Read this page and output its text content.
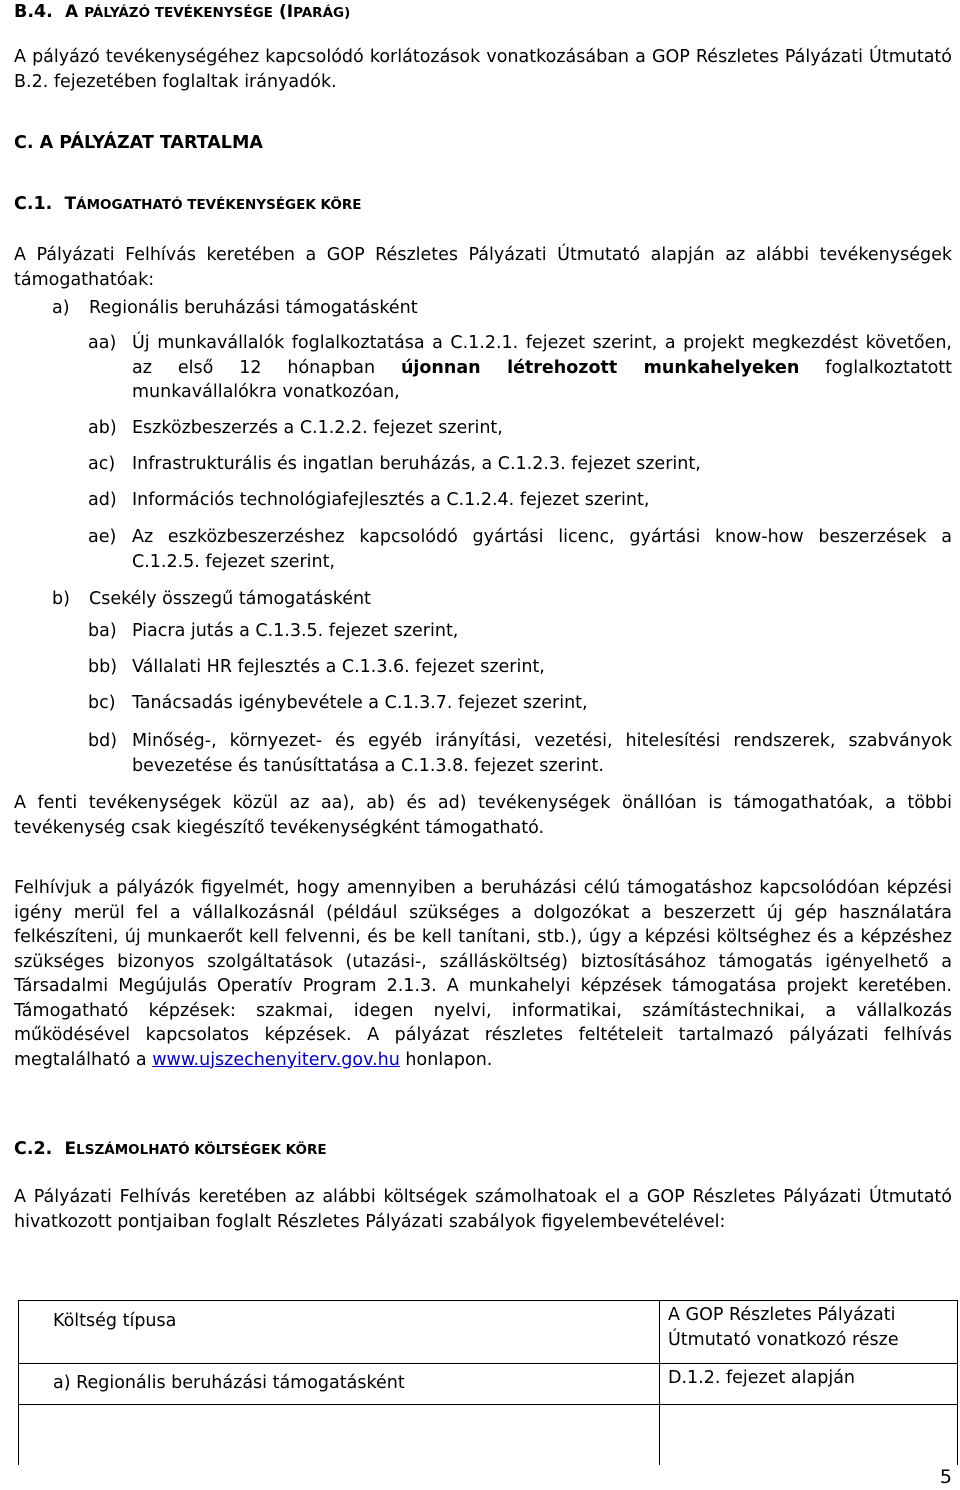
B.4. A PÁLYÁZÓ TEVÉKENYSÉGE (IPARÁG)
A pályázó tevékenységéhez kapcsolódó korlátozások vonatkozásában a GOP Részletes Pályázati Útmutató B.2. fejezetében foglaltak irányadók.
C. A PÁLYÁZAT TARTALMA
C.1. TÁMOGATHATÓ TEVÉKENYSÉGEK KÖRE
A Pályázati Felhívás keretében a GOP Részletes Pályázati Útmutató alapján az alábbi tevékenységek támogathatóak:
a)	Regionális beruházási támogatásként
aa) Új munkavállalók foglalkoztatása a C.1.2.1. fejezet szerint, a projekt megkezdést követően, az első 12 hónapban újonnan létrehozott munkahelyeken foglalkoztatott munkavállalókra vonatkozóan,
ab) Eszközbeszerzés a C.1.2.2. fejezet szerint,
ac) Infrastrukturális és ingatlan beruházás, a C.1.2.3. fejezet szerint,
ad) Információs technológiafejlesztés a C.1.2.4. fejezet szerint,
ae) Az eszközbeszerzéshez kapcsolódó gyártási licenc, gyártási know-how beszerzések a C.1.2.5. fejezet szerint,
b)	Csekély összegű támogatásként
ba) Piacra jutás a C.1.3.5. fejezet szerint,
bb) Vállalati HR fejlesztés a C.1.3.6. fejezet szerint,
bc) Tanácsadás igénybevétele a C.1.3.7. fejezet szerint,
bd) Minőség-, környezet- és egyéb irányítási, vezetési, hitelesítési rendszerek, szabványok bevezetése és tanúsíttatása a C.1.3.8. fejezet szerint.
A fenti tevékenységek közül az aa), ab) és ad) tevékenységek önállóan is támogathatóak, a többi tevékenység csak kiegészítő tevékenységként támogatható.
Felhívjuk a pályázók figyelmét, hogy amennyiben a beruházási célú támogatáshoz kapcsolódóan képzési igény merül fel a vállalkozásnál (például szükséges a dolgozókat a beszerzett új gép használatára felkészíteni, új munkaerőt kell felvenni, és be kell tanítani, stb.), úgy a képzési költséghez és a képzéshez szükséges bizonyos szolgáltatások (utazási-, szállásköltség) biztosításához támogatás igényelhető a Társadalmi Megújulás Operatív Program 2.1.3. A munkahelyi képzések támogatása projekt keretében. Támogatható képzések: szakmai, idegen nyelvi, informatikai, számítástechnikai, a vállalkozás működésével kapcsolatos képzések. A pályázat részletes feltételeit tartalmazó pályázati felhívás megtalálható a www.ujszechenyiterv.gov.hu honlapon.
C.2. ELSZÁMOLHATÓ KÖLTSÉGEK KÖRE
A Pályázati Felhívás keretében az alábbi költségek számolhatoak el a GOP Részletes Pályázati Útmutató hivatkozott pontjaiban foglalt Részletes Pályázati szabályok figyelembevételével:
Költség típusa	A GOP Részletes Pályázati Útmutató vonatkozó része

a) Regionális beruházási támogatásként	D.1.2. fejezet alapján

5
